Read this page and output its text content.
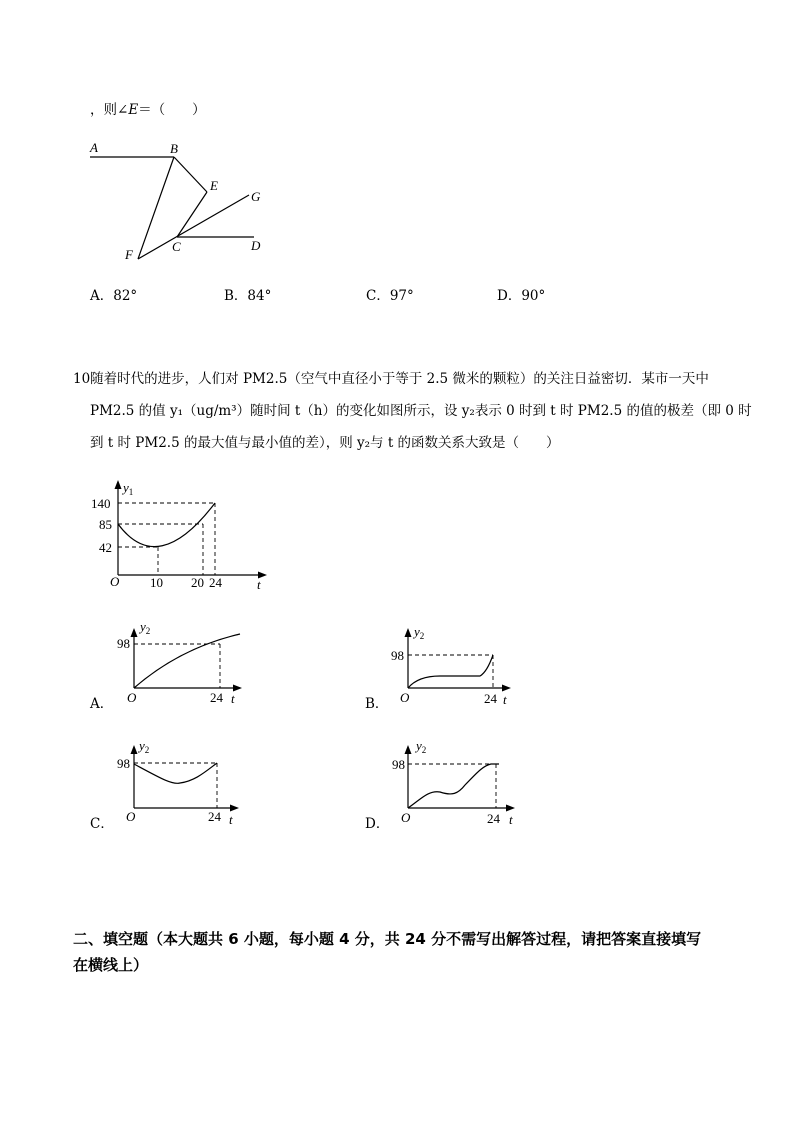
，则∠E＝（　　）
A	B
E
G
C	D
F
A．82°	B．84°	C．97°	D．90°
10随着时代的进步，人们对 PM2.5（空气中直径小于等于 2.5 微米的颗粒）的关注日益密切．某市一天中
PM2.5 的值 y₁（ug/m³）随时间 t（h）的变化如图所示，设 y₂表示 0 时到 t 时 PM2.5 的值的极差（即 0 时
到 t 时 PM2.5 的最大值与最小值的差），则 y₂与 t 的函数关系大致是（　　）
$y_1$
140
85
42
O 10 20 24	t
A．
$y_2$
98
O	24 t	B．
$y_2$
98
O	24 t
C．
$y_2$
98
O	24 t	D．
$y_2$
98
O	24 t
二、填空题（本大题共 6 小题，每小题 4 分，共 24 分不需写出解答过程，请把答案直接填写
在横线上）
